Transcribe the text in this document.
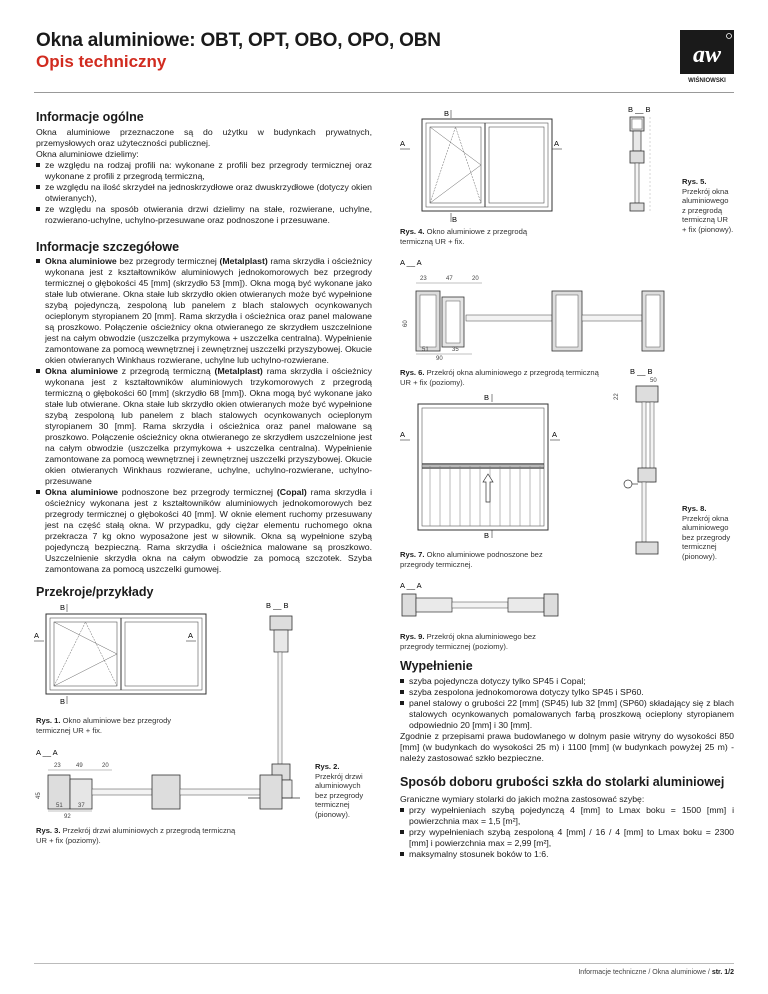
Okna aluminiowe: OBT, OPT, OBO, OPO, OBN
Opis techniczny	aw
WIŚNIOWSKI
Informacje ogólne
Okna aluminiowe przeznaczone są do użytku w budynkach prywatnych, przemysłowych oraz użyteczności publicznej.
Okna aluminiowe dzielimy:
ze względu na rodzaj profili na: wykonane z profili bez przegrody termicznej oraz wykonane z profili z przegrodą termiczną,
ze względu na ilość skrzydeł na jednoskrzydłowe oraz dwuskrzydłowe (dotyczy okien otwieranych),
ze względu na sposób otwierania drzwi dzielimy na stałe, rozwierane, uchylne, rozwierano-uchylne, uchylno-przesuwane oraz podnoszone i przesuwane.
Informacje szczegółowe
Okna aluminiowe bez przegrody termicznej (Metalplast) rama skrzydła i ościeżnicy wykonana jest z kształtowników aluminiowych jednokomorowych bez przegrody termicznej o głębokości 45 [mm] (skrzydło 53 [mm]). Okna mogą być wykonane jako stałe lub otwierane. Okna stałe lub skrzydło okien otwieranych może być wypełnione szybą pojedynczą, zespoloną lub panelem z blach stalowych ocynkowanych ocieplonym styropianem 20 [mm]. Rama skrzydła i ościeżnica oraz panel malowane są proszkowo. Połączenie ościeżnicy okna otwieranego ze skrzydłem uszczelnione jest na całym obwodzie (uszczelka przymykowa + uszczelka centralna). Wypełnienie zamontowane za pomocą wewnętrznej i zewnętrznej uszczelki przyszybowej. Okucie okien otwieranych Winkhaus rozwierane, uchylne lub uchylno-rozwierane.
Okna aluminiowe z przegrodą termiczną (Metalplast) rama skrzydła i ościeżnicy wykonana jest z kształtowników aluminiowych trzykomorowych z przegrodą termiczną o głębokości 60 [mm] (skrzydło 68 [mm]). Okna mogą być wykonane jako stałe lub otwierane. Okna stałe lub skrzydło okien otwieranych może być wypełnione szybą zespoloną lub panelem z blach stalowych ocynkowanych ocieplonym styropianem 30 [mm]. Rama skrzydła i ościeżnica oraz panel malowane są proszkowo. Połączenie ościeżnicy okna otwieranego ze skrzydłem uszczelnione jest na całym obwodzie (uszczelka przymykowa + uszczelka centralna). Wypełnienie zamontowane za pomocą wewnętrznej i zewnętrznej uszczelki przyszybowej. Okucie okien otwieranych Winkhaus rozwierane, uchylne, uchylno-rozwierane, uchylno-przesuwane
Okna aluminiowe podnoszone bez przegrody termicznej (Copal) rama skrzydła i ościeżnicy wykonana jest z kształtowników aluminiowych jednokomorowych bez przegrody termicznej o głębokości 40 [mm]. W oknie element ruchomy przesuwany jest na część stałą okna. W przypadku, gdy ciężar elementu ruchomego okna przekracza 7 kg okno wyposażone jest w siłownik. Okna są wypełnione szybą pojedynczą bezpieczną. Rama skrzydła i ościeżnica malowane są proszkowo. Uszczelnienie skrzydła okna na całym obwodzie za pomocą szczotek. Szyba zamontowana za pomocą uszczelki gumowej.
B
A	A
B
Rys. 4. Okno aluminiowe z przegrodą termiczną UR + fix.
B __ B
Rys. 5.
Przekrój okna aluminiowego z przegrodą termiczną UR + fix (pionowy).
A __ A
23	47	20
60
51	35
90
Rys. 6. Przekrój okna aluminiowego z przegrodą termiczną UR + fix (poziomy).
B
A	A
B
Rys. 7. Okno aluminiowe podnoszone bez przegrody termicznej.
B __ B
50
22
Rys. 8.
Przekrój okna aluminiowego bez przegrody termicznej (pionowy).
A __ A
Rys. 9. Przekrój okna aluminiowego bez przegrody termicznej (poziomy).
Przekroje/przykłady
B
A	A
B
Rys. 1. Okno aluminiowe bez przegrody termicznej UR + fix.
B __ B
Rys. 2.
Przekrój drzwi aluminiowych bez przegrody termicznej (pionowy).
A __ A
23	49	20
45
51	37
92
Rys. 3. Przekrój drzwi aluminiowych z przegrodą termiczną UR + fix (poziomy).
Wypełnienie
szyba pojedyncza dotyczy tylko SP45 i Copal;
szyba zespolona jednokomorowa dotyczy tylko SP45 i SP60.
panel stalowy o grubości 22 [mm] (SP45) lub 32 [mm] (SP60) składający się z blach stalowych ocynkowanych pomalowanych farbą proszkową ocieplony styropianem odpowiednio 20 [mm] i 30 [mm].
Zgodnie z przepisami prawa budowlanego w dolnym pasie witryny do wysokości 850 [mm] (w budynkach do wysokości 25 m) i 1100 [mm] (w budynkach powyżej 25 m) - należy zastosować szkło bezpieczne.
Sposób doboru grubości szkła do stolarki aluminiowej
Graniczne wymiary stolarki do jakich można zastosować szybę:
przy wypełnieniach szybą pojedynczą 4 [mm] to Lmax boku = 1500 [mm] i powierzchnia max = 1,5 [m²],
przy wypełnieniach szybą zespoloną 4 [mm] / 16 / 4 [mm] to Lmax boku = 2300 [mm] i powierzchnia max = 2,99 [m²],
maksymalny stosunek boków to 1:6.
Informacje techniczne / Okna aluminiowe / str. 1/2
